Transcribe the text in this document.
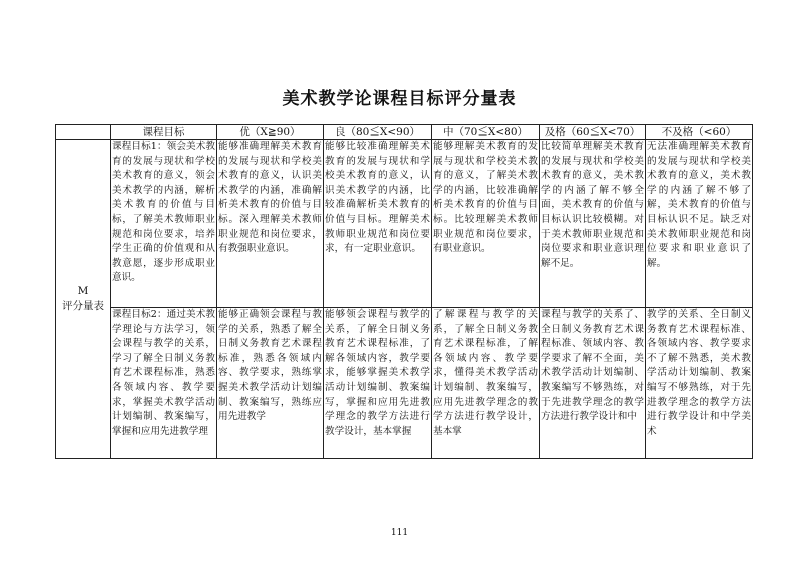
美术教学论课程目标评分量表
	课程目标	优（X≧90）	良（80≦X<90）	中（70≦X<80）	及格（60≦X<70）	不及格（<60）

M
评分量表	课程目标1：领会美术教育的发展与现状和学校美术教育的意义，领会美术教学的内涵，解析美术教育的价值与目标，了解美术教师职业规范和岗位要求，培养学生正确的价值观和从教意愿，逐步形成职业意识。	能够准确理解美术教育的发展与现状和学校美术教育的意义，认识美术教学的内涵，准确解析美术教育的价值与目标。深入理解美术教师职业规范和岗位要求，有教强职业意识。	能够比较准确理解美术教育的发展与现状和学校美术教育的意义，认识美术教学的内涵，比较准确解析美术教育的价值与目标。理解美术教师职业规范和岗位要求，有一定职业意识。	能够理解美术教育的发展与现状和学校美术教育的意义，了解美术教学的内涵，比较准确解析美术教育的价值与目标。比较理解美术教师职业规范和岗位要求，有职业意识。	比较简单理解美术教育的发展与现状和学校美术教育的意义，美术教学的内涵了解不够全面，美术教育的价值与目标认识比较模糊。对于美术教师职业规范和岗位要求和职业意识理解不足。	无法准确理解美术教育的发展与现状和学校美术教育的意义，美术教学的内涵了解不够了解，美术教育的价值与目标认识不足。缺乏对美术教师职业规范和岗位要求和职业意识了解。

	课程目标2：通过美术教学理论与方法学习，领会课程与教学的关系，学习了解全日制义务教育艺术课程标准，熟悉各领域内容、教学要求，掌握美术教学活动计划编制、教案编写，掌握和应用先进教学理	能够正确领会课程与教学的关系，熟悉了解全日制义务教育艺术课程标准，熟悉各领域内容、教学要求，熟练掌握美术教学活动计划编制、教案编写，熟练应用先进教学	能够领会课程与教学的关系，了解全日制义务教育艺术课程标准，了解各领域内容，教学要求，能够掌握美术教学活动计划编制、教案编写，掌握和应用先进教学理念的教学方法进行教学设计，基本掌握	了解课程与教学的关系，了解全日制义务教育艺术课程标准，了解各领域内容、教学要求，懂得美术教学活动计划编制、教案编写，应用先进教学理念的教学方法进行教学设计，基本掌	课程与教学的关系了、全日制义务教育艺术课程标准、领域内容、教学要求了解不全面，美术教学活动计划编制、教案编写不够熟练，对于先进教学理念的教学方法进行教学设计和中	教学的关系、全日制义务教育艺术课程标准、各领域内容、教学要求不了解不熟悉，美术教学活动计划编制、教案编写不够熟练，对于先进教学理念的教学方法进行教学设计和中学美术
111
